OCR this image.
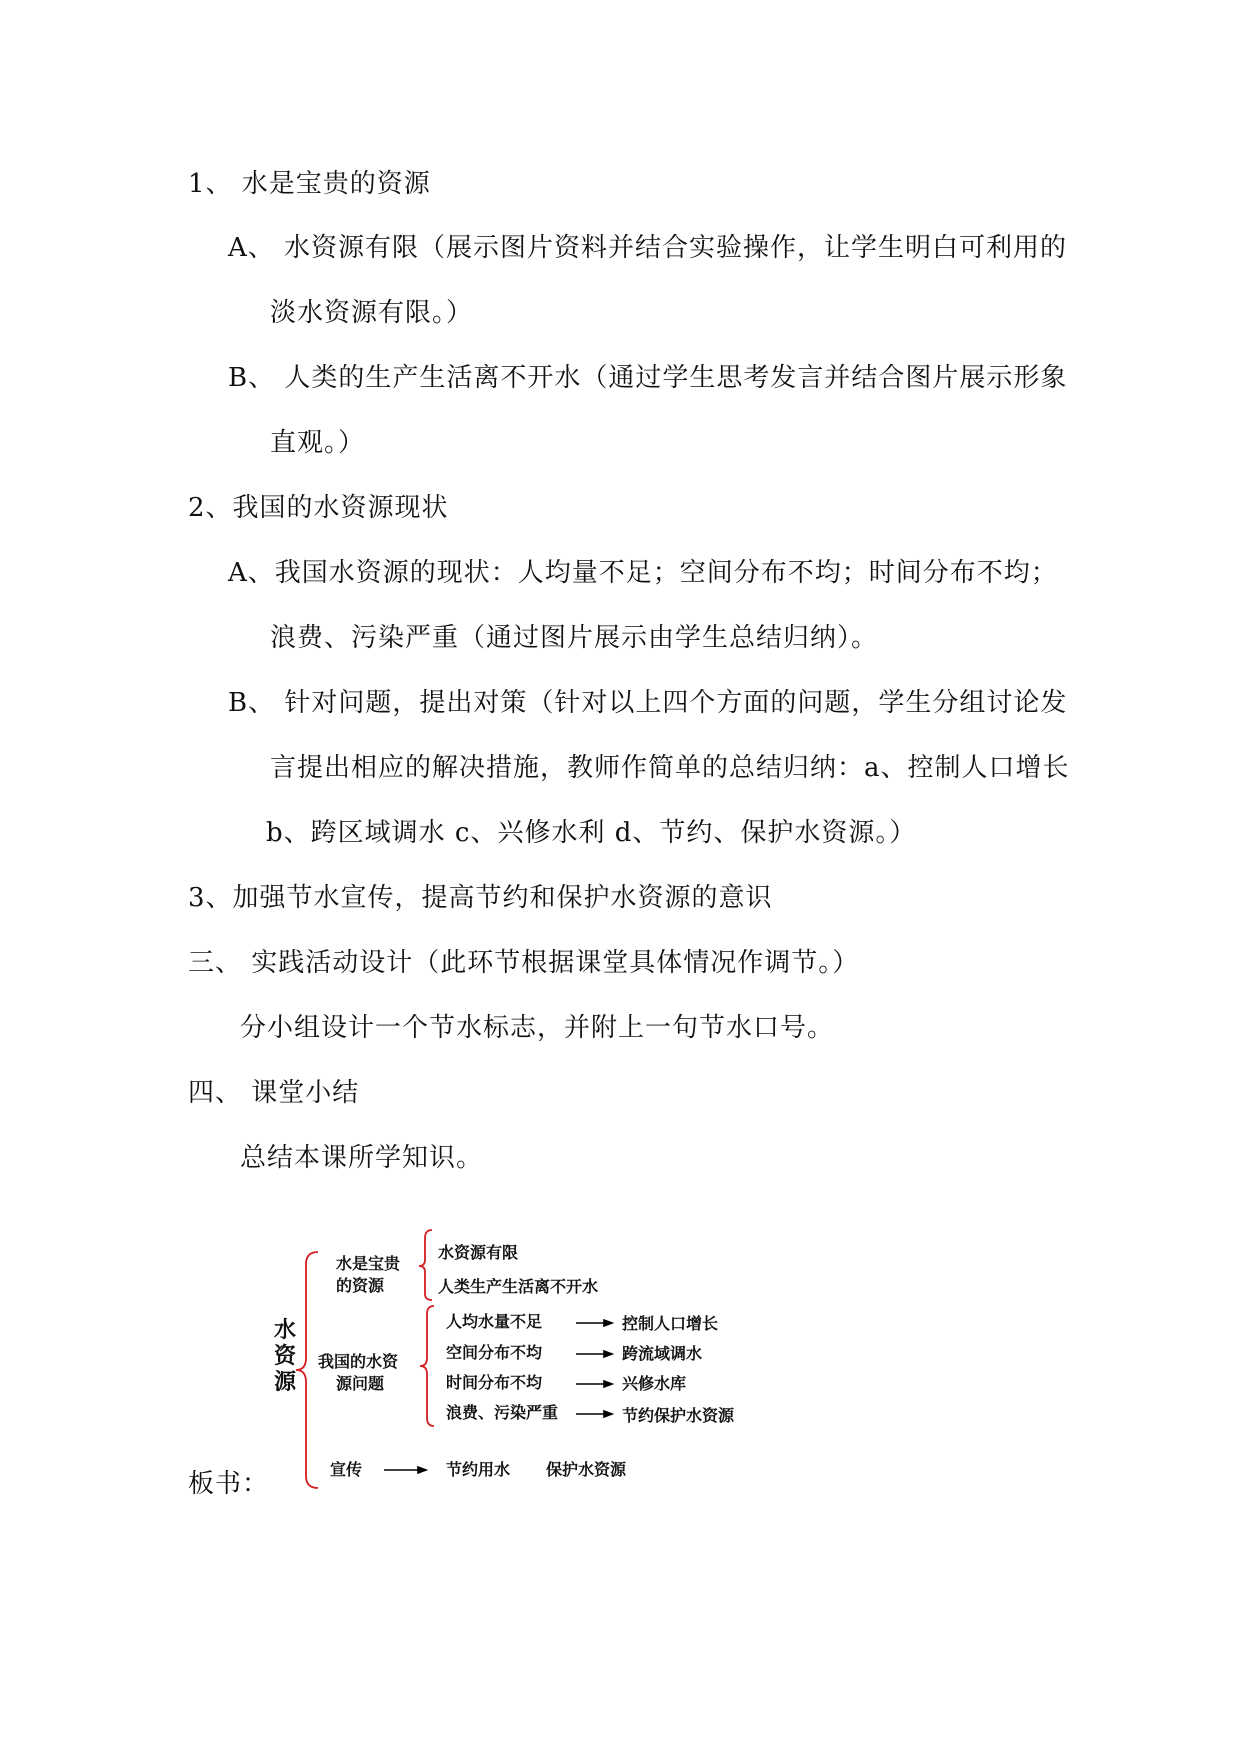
1、 水是宝贵的资源
A、 水资源有限（展示图片资料并结合实验操作，让学生明白可利用的
淡水资源有限。）
B、 人类的生产生活离不开水（通过学生思考发言并结合图片展示形象
直观。）
2、我国的水资源现状
A、我国水资源的现状：人均量不足；空间分布不均；时间分布不均；
浪费、污染严重（通过图片展示由学生总结归纳）。
B、 针对问题，提出对策（针对以上四个方面的问题，学生分组讨论发
言提出相应的解决措施，教师作简单的总结归纳：a、控制人口增长
b、跨区域调水 c、兴修水利 d、节约、保护水资源。）
3、加强节水宣传，提高节约和保护水资源的意识
三、 实践活动设计（此环节根据课堂具体情况作调节。）
分小组设计一个节水标志，并附上一句节水口号。
四、 课堂小结
总结本课所学知识。
板书：
水
资
源
水是宝贵
的资源
水资源有限
人类生产生活离不开水
我国的水资
源问题
人均水量不足
空间分布不均
时间分布不均
浪费、污染严重
控制人口增长
跨流域调水
兴修水库
节约保护水资源
宣传	节约用水 保护水资源
